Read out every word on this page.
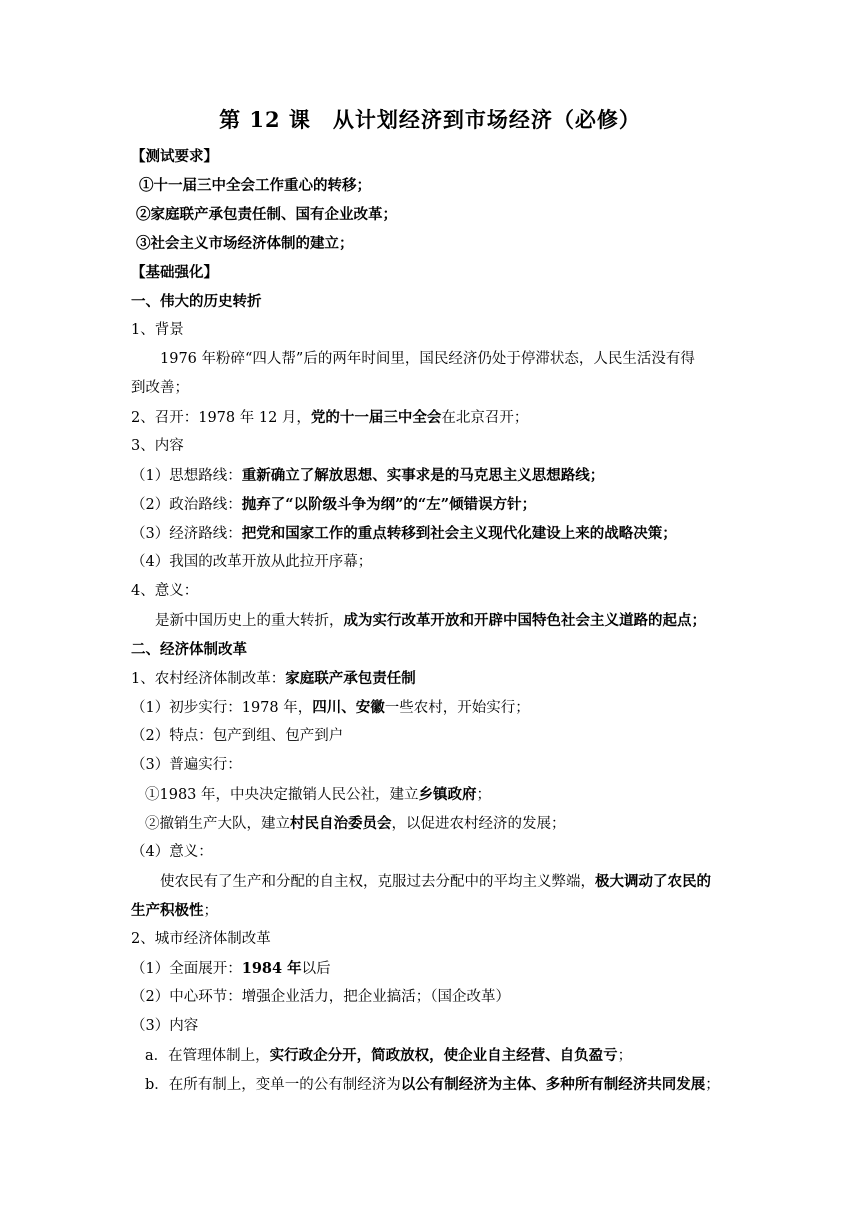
第 12 课　从计划经济到市场经济（必修）
【测试要求】
①十一届三中全会工作重心的转移；
②家庭联产承包责任制、国有企业改革；
③社会主义市场经济体制的建立；
【基础强化】
一、伟大的历史转折
1、背景
1976 年粉碎“四人帮”后的两年时间里，国民经济仍处于停滞状态，人民生活没有得
到改善；
2、召开：1978 年 12 月，党的十一届三中全会在北京召开；
3、内容
（1）思想路线：重新确立了解放思想、实事求是的马克思主义思想路线；
（2）政治路线：抛弃了“以阶级斗争为纲”的“左”倾错误方针；
（3）经济路线：把党和国家工作的重点转移到社会主义现代化建设上来的战略决策；
（4）我国的改革开放从此拉开序幕；
4、意义：
是新中国历史上的重大转折，成为实行改革开放和开辟中国特色社会主义道路的起点；
二、经济体制改革
1、农村经济体制改革：家庭联产承包责任制
（1）初步实行：1978 年，四川、安徽一些农村，开始实行；
（2）特点：包产到组、包产到户
（3）普遍实行：
①1983 年，中央决定撤销人民公社，建立乡镇政府；
②撤销生产大队，建立村民自治委员会，以促进农村经济的发展；
（4）意义：
使农民有了生产和分配的自主权，克服过去分配中的平均主义弊端，极大调动了农民的
生产积极性；
2、城市经济体制改革
（1）全面展开：1984 年以后
（2）中心环节：增强企业活力，把企业搞活；（国企改革）
（3）内容
a．在管理体制上，实行政企分开，简政放权，使企业自主经营、自负盈亏；
b．在所有制上，变单一的公有制经济为以公有制经济为主体、多种所有制经济共同发展；
